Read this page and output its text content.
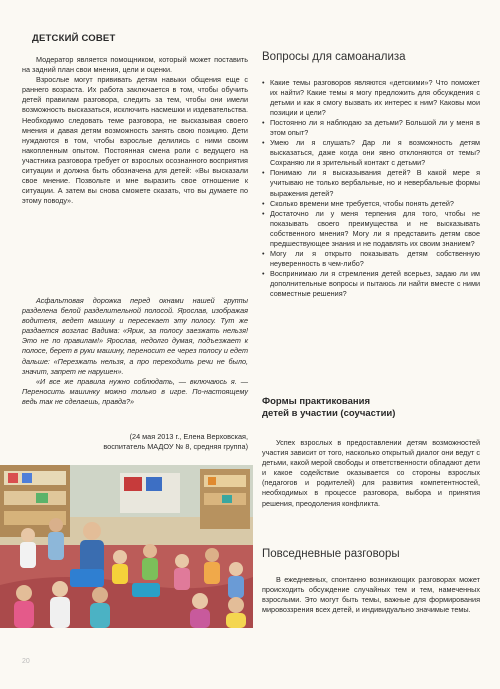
ДЕТСКИЙ СОВЕТ

Модератор является помощником, который может поставить на задний план свои мнения, цели и оценки.

Взрослые могут прививать детям навыки общения еще с раннего возраста. Их работа заключается в том, чтобы обучить детей правилам разговора, следить за тем, чтобы они имели возможность высказаться, исключить насмешки и издевательства. Необходимо следовать теме разговора, не высказывая своего мнения и давая детям возможность занять свою позицию. Дети нуждаются в том, чтобы взрослые делились с ними своим накопленным опытом. Постоянная смена роли с ведущего на участника разговора требует от взрослых осознанного восприятия ситуации и должна быть обозначена для детей: «Вы высказали свое мнение. Позвольте и мне выразить свое отношение к ситуации. А затем вы снова сможете сказать, что вы думаете по этому поводу».

Асфальтовая дорожка перед окнами нашей группы разделена белой разделительной полосой. Ярослав, изображая водителя, ведет машину и пересекает эту полосу. Тут же раздается возглас Вадима: «Ярик, за полосу заезжать нельзя! Это не по правилам!» Ярослав, недолго думая, подъезжает к полосе, берет в руки машину, переносит ее через полосу и едет дальше: «Перезжать нельзя, а про переходить речи не было, значит, запрет не нарушен».

«И все же правила нужно соблюдать, — включаюсь я. — Переносить машинку можно только в игре. По-настоящему ведь так не сделаешь, правда?»

(24 мая 2013 г., Елена Верховская,
воспитатель МАДОУ № 8, средняя группа)
Вопросы для самоанализа
• Какие темы разговоров являются «детскими»? Что поможет их найти? Какие темы я могу предложить для обсуждения с детьми и как я смогу вызвать их интерес к ним? Каковы мои позиции и цели?
• Постоянно ли я наблюдаю за детьми? Большой ли у меня в этом опыт?
• Умею ли я слушать? Дар ли я возможность детям высказаться, даже когда они явно отклоняются от темы? Сохраняю ли я зрительный контакт с детьми?
• Понимаю ли я высказывания детей? В какой мере я учитываю не только вербальные, но и невербальные формы выражения детей?
• Сколько времени мне требуется, чтобы понять детей?
• Достаточно ли у меня терпения для того, чтобы не показывать своего преимущества и не высказывать собственного мнения? Могу ли я представить детям свое предшествующее знания и не подавлять их своим знанием?
• Могу ли я открыто показывать детям собственную неуверенность в чем-либо?
• Воспринимаю ли я стремления детей всерьез, задаю ли им дополнительные вопросы и пытаюсь ли найти вместе с ними совместные решения?
Формы практикования
детей в участии (соучастии)

Успех взрослых в предоставлении детям возможностей участия зависит от того, насколько открытый диалог они ведут с детьми, какой мерой свободы и ответственности обладают дети и какое содействие оказывается со стороны взрослых (педагогов и родителей) для развития компетентностей, необходимых в процессе разговора, выбора и принятия решения, преодоления конфликта.

Повседневные разговоры

В ежедневных, спонтанно возникающих разговорах может происходить обсуждение случайных тем и тем, намеченных взрослыми. Это могут быть темы, важные для формирования мировоззрения всех детей, и индивидуально значимые темы.

20
